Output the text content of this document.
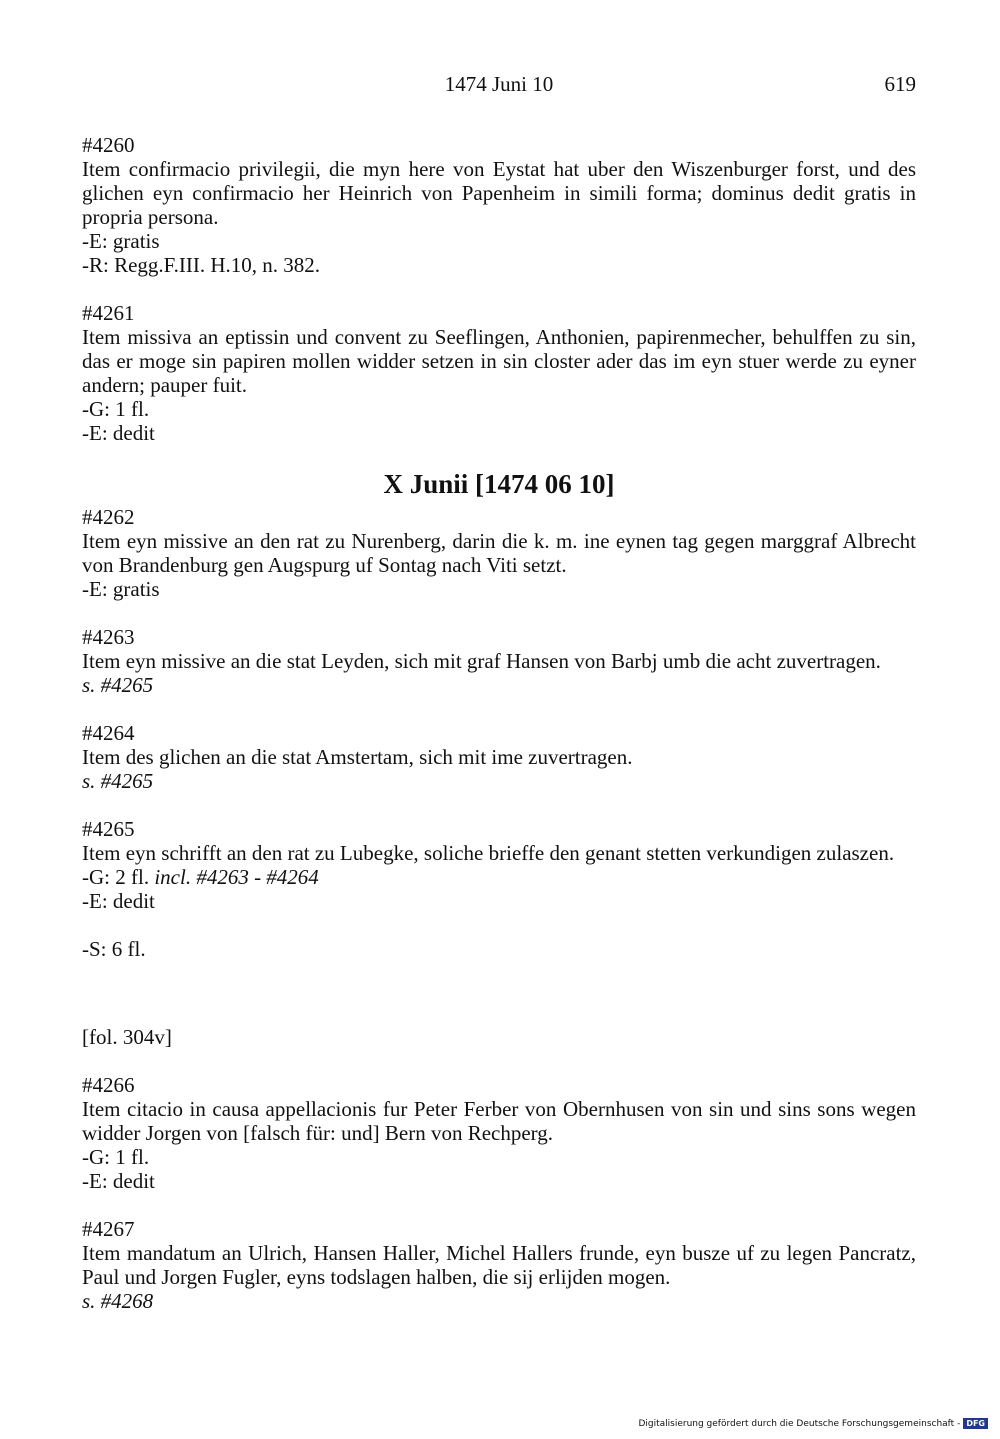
1474 Juni 10	619
#4260
Item confirmacio privilegii, die myn here von Eystat hat uber den Wiszenburger forst, und des glichen eyn confirmacio her Heinrich von Papenheim in simili forma; dominus dedit gratis in propria persona.
-E: gratis
-R: Regg.F.III. H.10, n. 382.
#4261
Item missiva an eptissin und convent zu Seeflingen, Anthonien, papirenmecher, behulffen zu sin, das er moge sin papiren mollen widder setzen in sin closter ader das im eyn stuer werde zu eyner andern; pauper fuit.
-G: 1 fl.
-E: dedit
X Junii [1474 06 10]
#4262
Item eyn missive an den rat zu Nurenberg, darin die k. m. ine eynen tag gegen marggraf Albrecht von Brandenburg gen Augspurg uf Sontag nach Viti setzt.
-E: gratis
#4263
Item eyn missive an die stat Leyden, sich mit graf Hansen von Barbj umb die acht zuvertragen.
s. #4265
#4264
Item des glichen an die stat Amstertam, sich mit ime zuvertragen.
s. #4265
#4265
Item eyn schrifft an den rat zu Lubegke, soliche brieffe den genant stetten verkundigen zulaszen.
-G: 2 fl. incl. #4263 - #4264
-E: dedit
-S: 6 fl.
[fol. 304v]
#4266
Item citacio in causa appellacionis fur Peter Ferber von Obernhusen von sin und sins sons wegen widder Jorgen von [falsch für: und] Bern von Rechperg.
-G: 1 fl.
-E: dedit
#4267
Item mandatum an Ulrich, Hansen Haller, Michel Hallers frunde, eyn busze uf zu legen Pancratz, Paul und Jorgen Fugler, eyns todslagen halben, die sij erlijden mogen.
s. #4268
Digitalisierung gefördert durch die Deutsche Forschungsgemeinschaft - DFG
